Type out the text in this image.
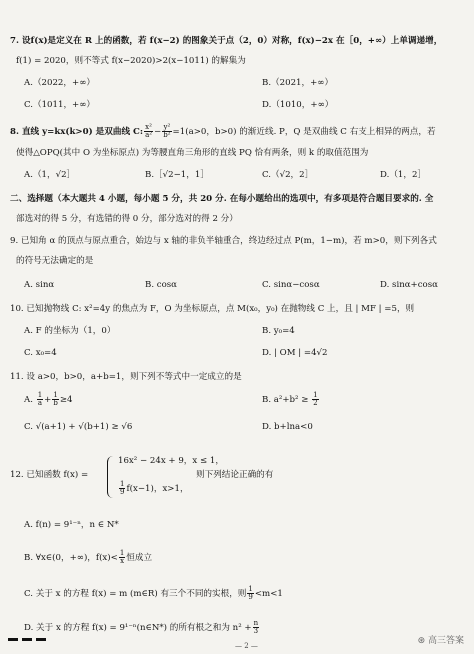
7. 设f(x)是定义在 R 上的函数，若 f(x−2) 的图象关于点（2，0）对称，f(x)−2x 在［0，+∞）上单调递增，
f(1) = 2020，则不等式 f(x−2020)>2(x−1011) 的解集为
A.（2022，+∞）	B.（2021，+∞）
C.（1011，+∞）	D.（1010，+∞）
8. 直线 y=kx(k>0) 是双曲线 C: $\frac{\text{x²}}{\text{a²}} - \frac{\text{y²}}{\text{b²}} =1(a>0$，b>0) 的渐近线. P，Q 是双曲线 C 右支上相异的两点，若
使得△OPQ(其中 O 为坐标原点) 为等腰直角三角形的直线 PQ 恰有两条，则 k 的取值范围为
A.（1，√2］	B.［√2−1，1］	C.（√2，2］	D.（1，2］
二、选择题（本大题共 4 小题，每小题 5 分，共 20 分. 在每小题给出的选项中，有多项是符合题目要求的. 全
部选对的得 5 分，有选错的得 0 分，部分选对的得 2 分）
9. 已知角 α 的顶点与原点重合，始边与 x 轴的非负半轴重合，终边经过点 P(m，1−m)，若 m>0，则下列各式
的符号无法确定的是
A. sinα	B. cosα	C. sinα−cosα	D. sinα+cosα
10. 已知抛物线 C: x²=4y 的焦点为 F，O 为坐标原点，点 M(x₀，y₀) 在抛物线 C 上，且 | MF | =5，则
A. F 的坐标为（1，0）	B. y₀=4
C. x₀=4	D. | OM | =4√2
11. 设 a>0，b>0，a+b=1，则下列不等式中一定成立的是
A. $\frac{1}{a} + \frac{1}{b} \ge 4$	B. $a^2+b^2 \ge \frac{1}{2}$
C. √(a+1) + √(b+1) ≥ √6	D. b+lna<0
12. 已知函数 f(x) =
16x² − 24x + 9，x ≤ 1，
$\frac{1}{9} f(x-1)$，x>1，
则下列结论正确的有
A. f(n) = 9¹⁻ⁿ，n ∈ N*
B. ∀x∈(0，+∞)，$f(x)< \frac{1}{x}$ 恒成立
C. 关于 x 的方程 f(x) = m (m∈R) 有三个不同的实根，则 $\frac{1}{9} <m<1$
D. 关于 x 的方程 f(x) = 9¹⁻ⁿ(n∈N*) 的所有根之和为 $n^2 + \frac{n}{3}$
— 2 —	⊛ 高三答案
